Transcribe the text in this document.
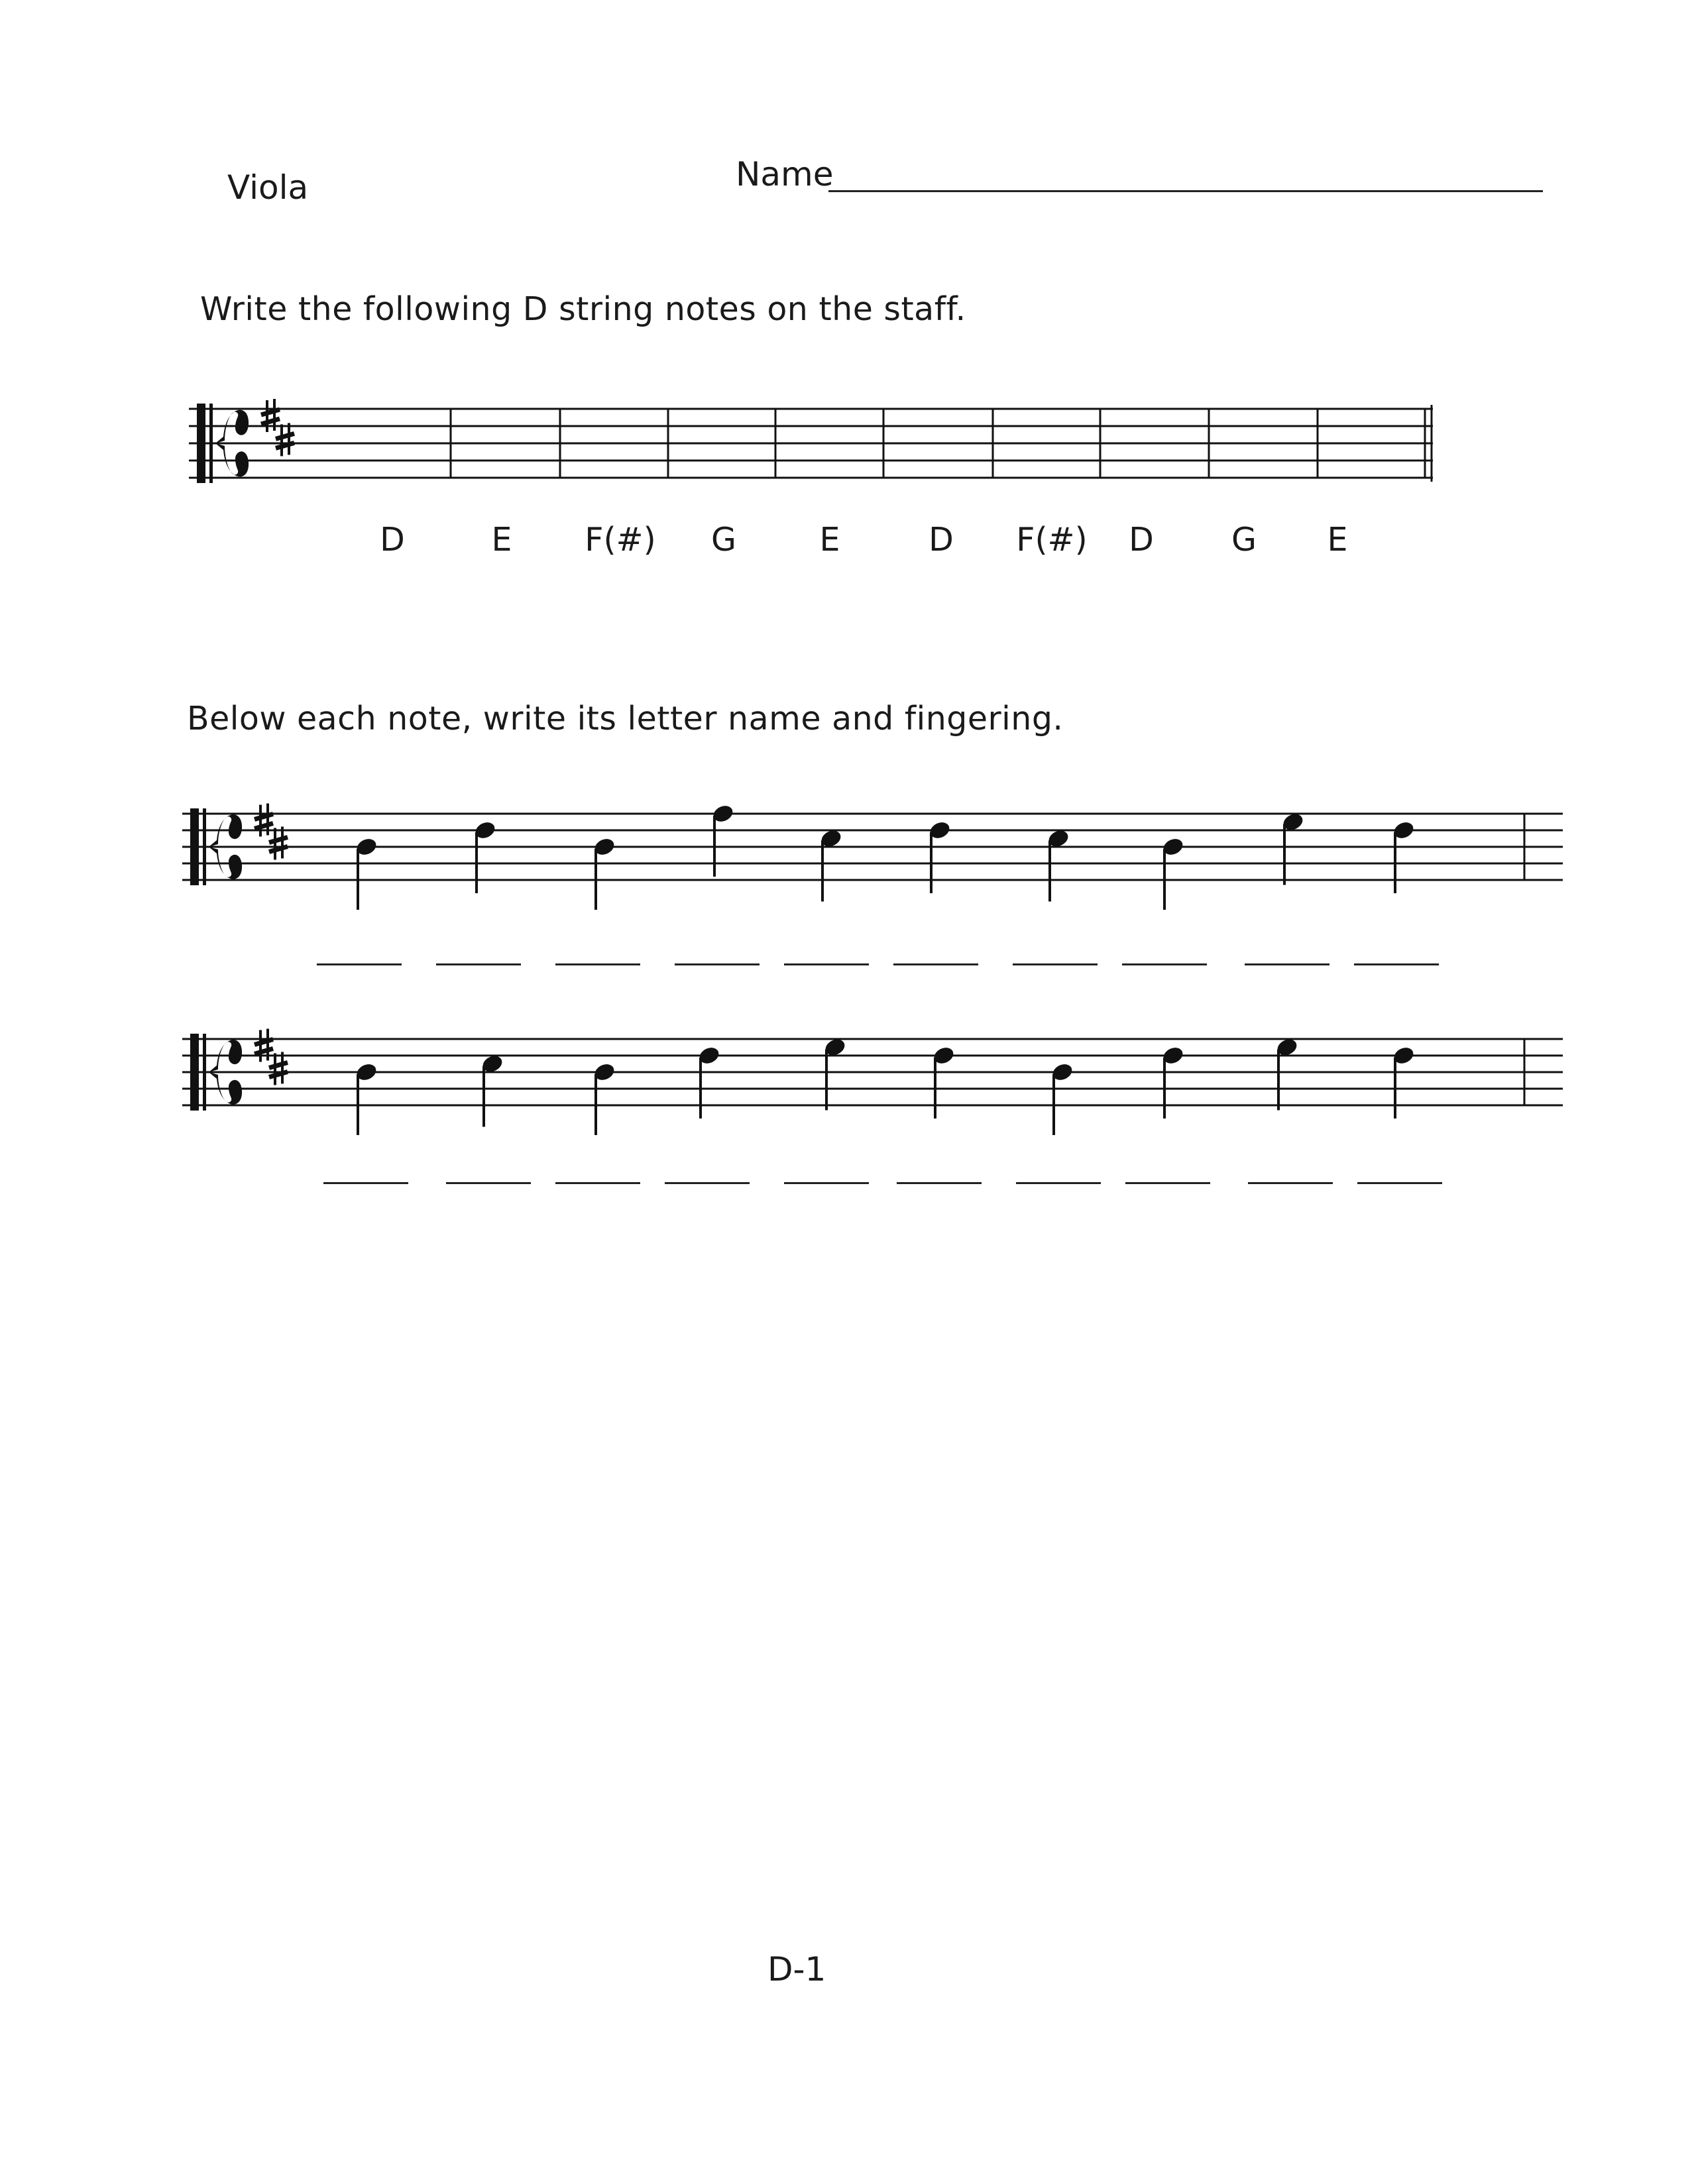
Viola	Name
Write the following D string notes on the staff.
D	E F(#) G	E	D F(#) D G E
Below each note, write its letter name and fingering.
D-1
